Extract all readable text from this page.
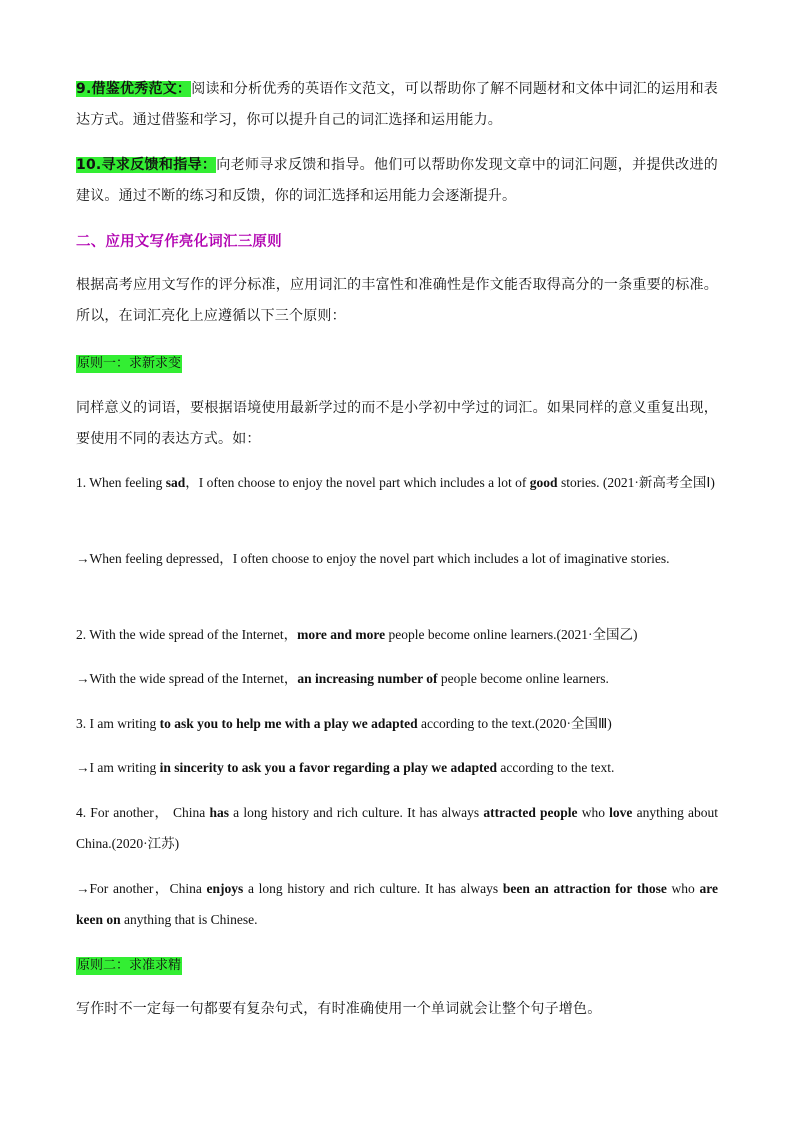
9.借鉴优秀范文：阅读和分析优秀的英语作文范文，可以帮助你了解不同题材和文体中词汇的运用和表达方式。通过借鉴和学习，你可以提升自己的词汇选择和运用能力。

10.寻求反馈和指导：向老师寻求反馈和指导。他们可以帮助你发现文章中的词汇问题，并提供改进的建议。通过不断的练习和反馈，你的词汇选择和运用能力会逐渐提升。

二、应用文写作亮化词汇三原则

根据高考应用文写作的评分标准，应用词汇的丰富性和准确性是作文能否取得高分的一条重要的标准。所以，在词汇亮化上应遵循以下三个原则：

原则一：求新求变

同样意义的词语，要根据语境使用最新学过的而不是小学初中学过的词汇。如果同样的意义重复出现，要使用不同的表达方式。如：

1. When feeling sad，I often choose to enjoy the novel part which includes a lot of good stories. (2021·新高考全国Ⅰ)

→When feeling depressed，I often choose to enjoy the novel part which includes a lot of imaginative stories.

2. With the wide spread of the Internet，more and more people become online learners.(2021·全国乙)

→With the wide spread of the Internet，an increasing number of people become online learners.

3. I am writing to ask you to help me with a play we adapted according to the text.(2020·全国Ⅲ)

→I am writing in sincerity to ask you a favor regarding a play we adapted according to the text.

4. For another， China has a long history and rich culture. It has always attracted people who love anything about China.(2020·江苏)

→For another，China enjoys a long history and rich culture. It has always been an attraction for those who are keen on anything that is Chinese.

原则二：求准求精

写作时不一定每一句都要有复杂句式，有时准确使用一个单词就会让整个句子增色。
